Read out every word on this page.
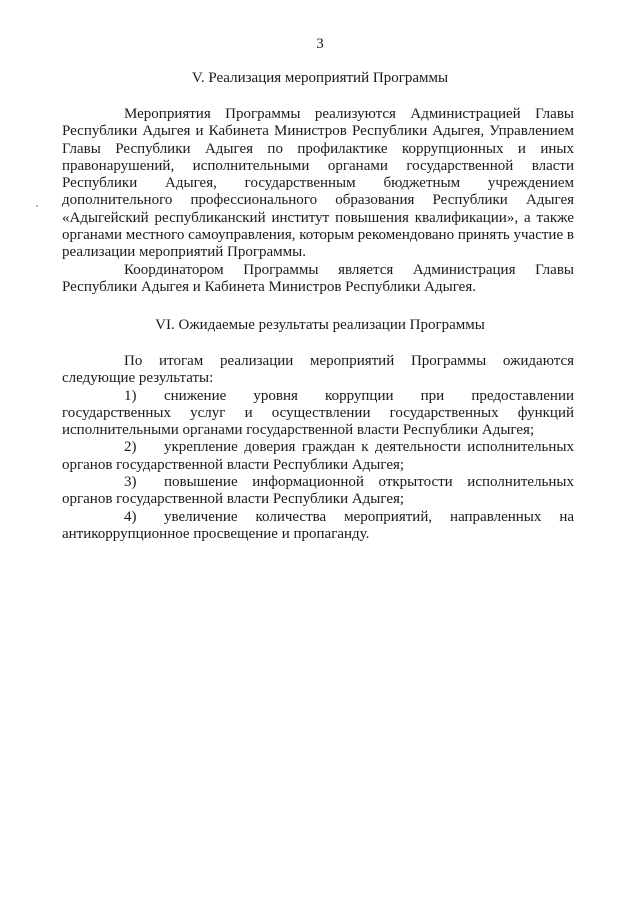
3
V. Реализация мероприятий Программы

Мероприятия Программы реализуются Администрацией Главы Республики Адыгея и Кабинета Министров Республики Адыгея, Управлением Главы Республики Адыгея по профилактике коррупционных и иных правонарушений, исполнительными органами государственной власти Республики Адыгея, государственным бюджетным учреждением дополнительного профессионального образования Республики Адыгея «Адыгейский республиканский институт повышения квалификации», а также органами местного самоуправления, которым рекомендовано принять участие в реализации мероприятий Программы.

Координатором Программы является Администрация Главы Республики Адыгея и Кабинета Министров Республики Адыгея.

VI. Ожидаемые результаты реализации Программы

По итогам реализации мероприятий Программы ожидаются следующие результаты:

1) снижение уровня коррупции при предоставлении государственных услуг и осуществлении государственных функций исполнительными органами государственной власти Республики Адыгея;

2) укрепление доверия граждан к деятельности исполнительных органов государственной власти Республики Адыгея;

3) повышение информационной открытости исполнительных органов государственной власти Республики Адыгея;

4) увеличение количества мероприятий, направленных на антикоррупционное просвещение и пропаганду.
